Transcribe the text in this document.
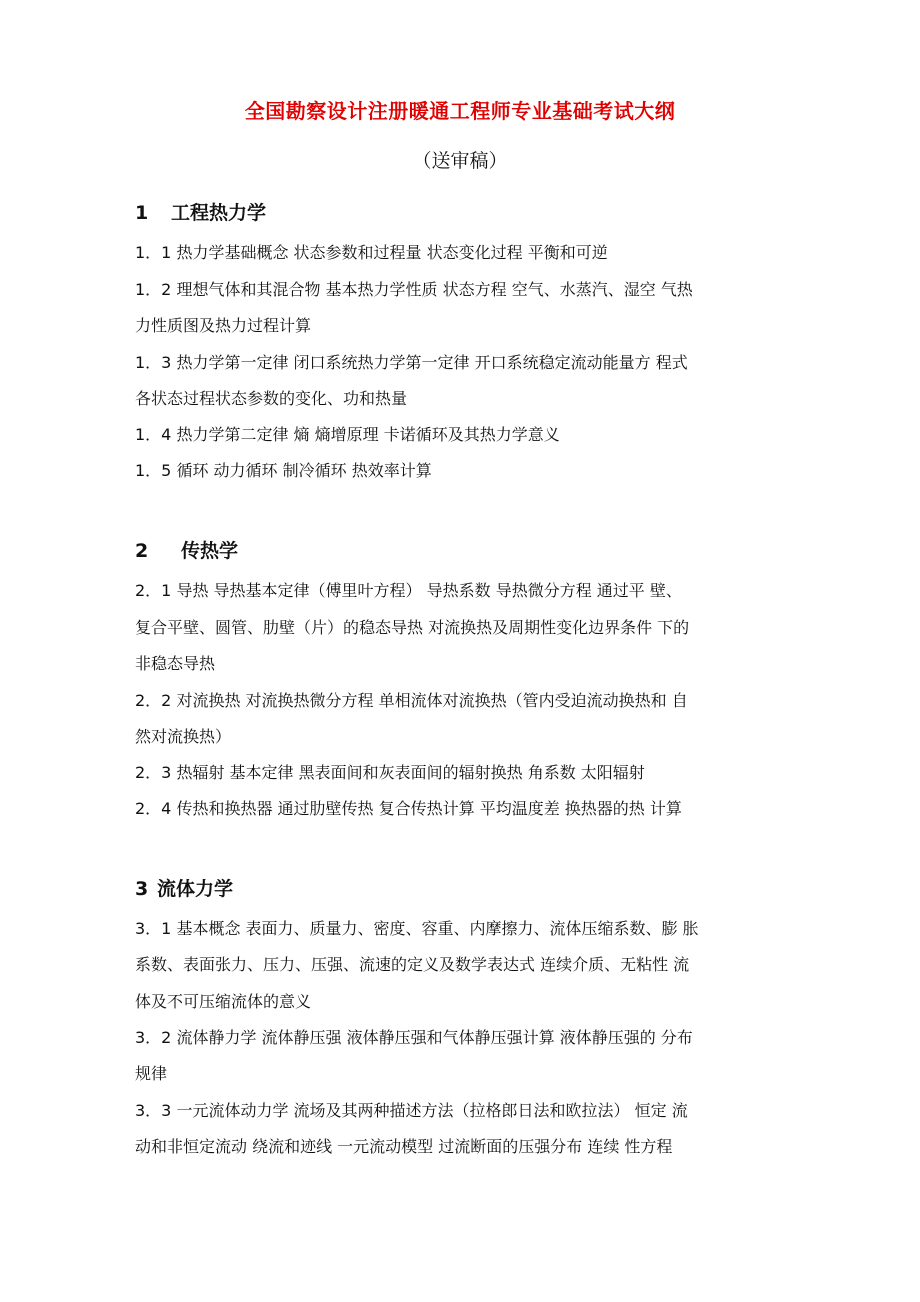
全国勘察设计注册暖通工程师专业基础考试大纲
（送审稿）
1 工程热力学
1．1 热力学基础概念 状态参数和过程量 状态变化过程 平衡和可逆
1．2 理想气体和其混合物 基本热力学性质 状态方程 空气、水蒸汽、湿空 气热
力性质图及热力过程计算
1．3 热力学第一定律 闭口系统热力学第一定律 开口系统稳定流动能量方 程式
各状态过程状态参数的变化、功和热量
1．4 热力学第二定律 熵 熵增原理 卡诺循环及其热力学意义
1．5 循环 动力循环 制冷循环 热效率计算
2 传热学
2．1 导热 导热基本定律（傅里叶方程） 导热系数 导热微分方程 通过平 壁、
复合平壁、圆管、肋壁（片）的稳态导热 对流换热及周期性变化边界条件 下的
非稳态导热
2．2 对流换热 对流换热微分方程 单相流体对流换热（管内受迫流动换热和 自
然对流换热）
2．3 热辐射 基本定律 黑表面间和灰表面间的辐射换热 角系数 太阳辐射
2．4 传热和换热器 通过肋壁传热 复合传热计算 平均温度差 换热器的热 计算
3 流体力学
3．1 基本概念 表面力、质量力、密度、容重、内摩擦力、流体压缩系数、膨 胀
系数、表面张力、压力、压强、流速的定义及数学表达式 连续介质、无粘性 流
体及不可压缩流体的意义
3．2 流体静力学 流体静压强 液体静压强和气体静压强计算 液体静压强的 分布
规律
3．3 一元流体动力学 流场及其两种描述方法（拉格郎日法和欧拉法） 恒定 流
动和非恒定流动 绕流和迹线 一元流动模型 过流断面的压强分布 连续 性方程
